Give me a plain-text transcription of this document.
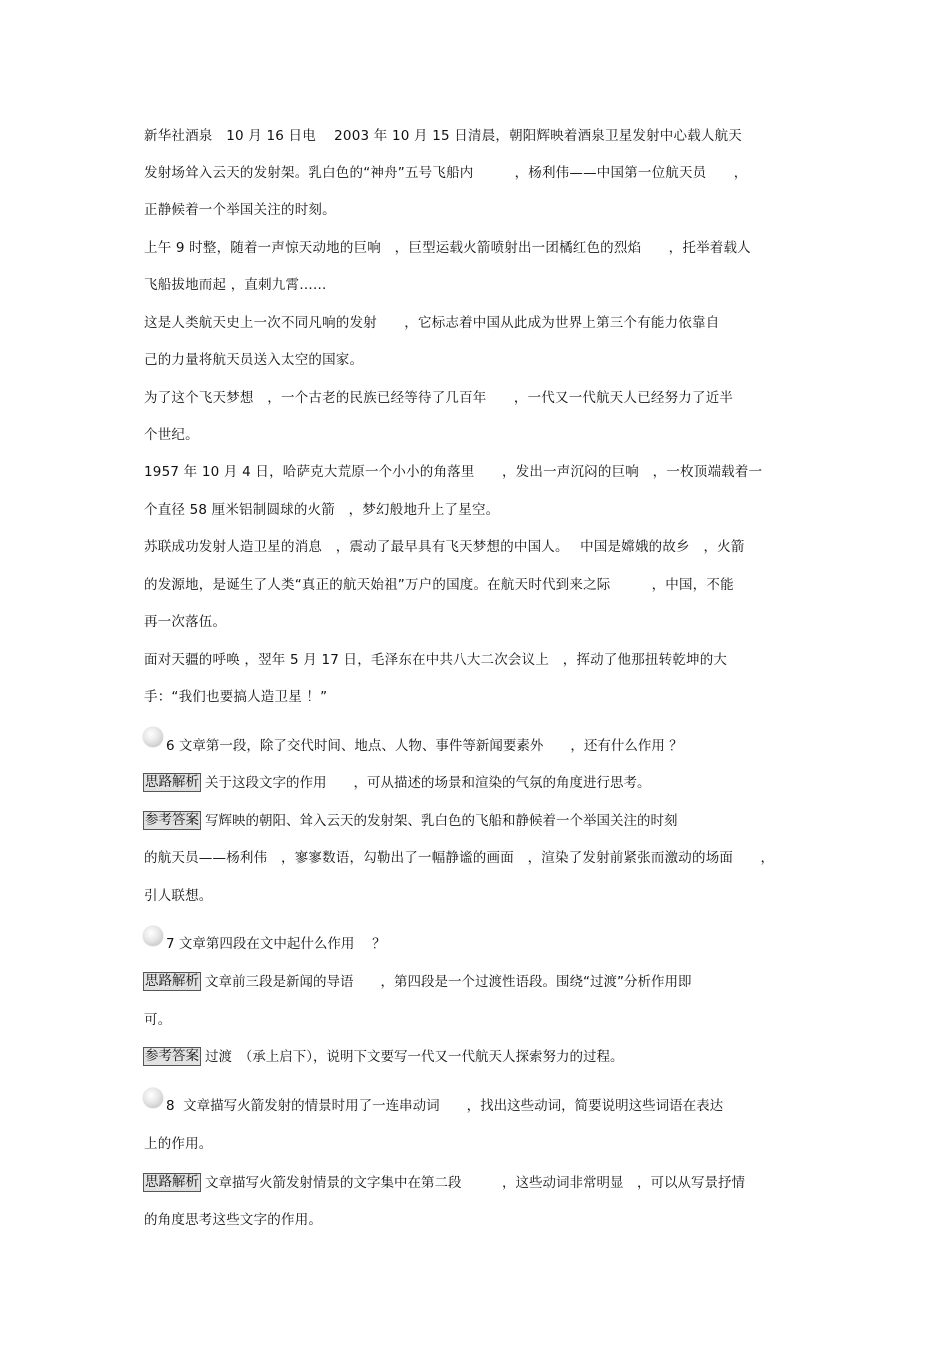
新华社酒泉　10 月 16 日电　 2003 年 10 月 15 日清晨，朝阳辉映着酒泉卫星发射中心载人航天
发射场耸入云天的发射架。乳白色的“神舟”五号飞船内　　　，杨利伟——中国第一位航天员　　，
正静候着一个举国关注的时刻。
上午 9 时整，随着一声惊天动地的巨响　，巨型运载火箭喷射出一团橘红色的烈焰　　，托举着载人
飞船拔地而起 ，直刺九霄……
这是人类航天史上一次不同凡响的发射　　，它标志着中国从此成为世界上第三个有能力依靠自
己的力量将航天员送入太空的国家。
为了这个飞天梦想　，一个古老的民族已经等待了几百年　　，一代又一代航天人已经努力了近半
个世纪。
1957 年 10 月 4 日，哈萨克大荒原一个小小的角落里　　，发出一声沉闷的巨响　，一枚顶端载着一
个直径 58 厘米铝制圆球的火箭　，梦幻般地升上了星空。
苏联成功发射人造卫星的消息　，震动了最早具有飞天梦想的中国人。　 中国是嫦娥的故乡　，火箭
的发源地，是诞生了人类“真正的航天始祖”万户的国度。在航天时代到来之际　　　，中国，不能
再一次落伍。
面对天疆的呼唤 ，翌年 5 月 17 日，毛泽东在中共八大二次会议上　，挥动了他那扭转乾坤的大
手：“我们也要搞人造卫星 ！”
6 文章第一段，除了交代时间、地点、人物、事件等新闻要素外　　，还有什么作用 ？
思路解析 关于这段文字的作用　　，可从描述的场景和渲染的气氛的角度进行思考。
参考答案 写辉映的朝阳、耸入云天的发射架、乳白色的飞船和静候着一个举国关注的时刻
的航天员——杨利伟　，寥寥数语，勾勒出了一幅静谧的画面　，渲染了发射前紧张而激动的场面　　，
引人联想。
7 文章第四段在文中起什么作用　 ？
思路解析 文章前三段是新闻的导语　　，第四段是一个过渡性语段。围绕“过渡”分析作用即
可。
参考答案 过渡　（承上启下），说明下文要写一代又一代航天人探索努力的过程。
8  文章描写火箭发射的情景时用了一连串动词　　，找出这些动词，简要说明这些词语在表达
上的作用。
思路解析 文章描写火箭发射情景的文字集中在第二段　　　，这些动词非常明显　，可以从写景抒情
的角度思考这些文字的作用。
